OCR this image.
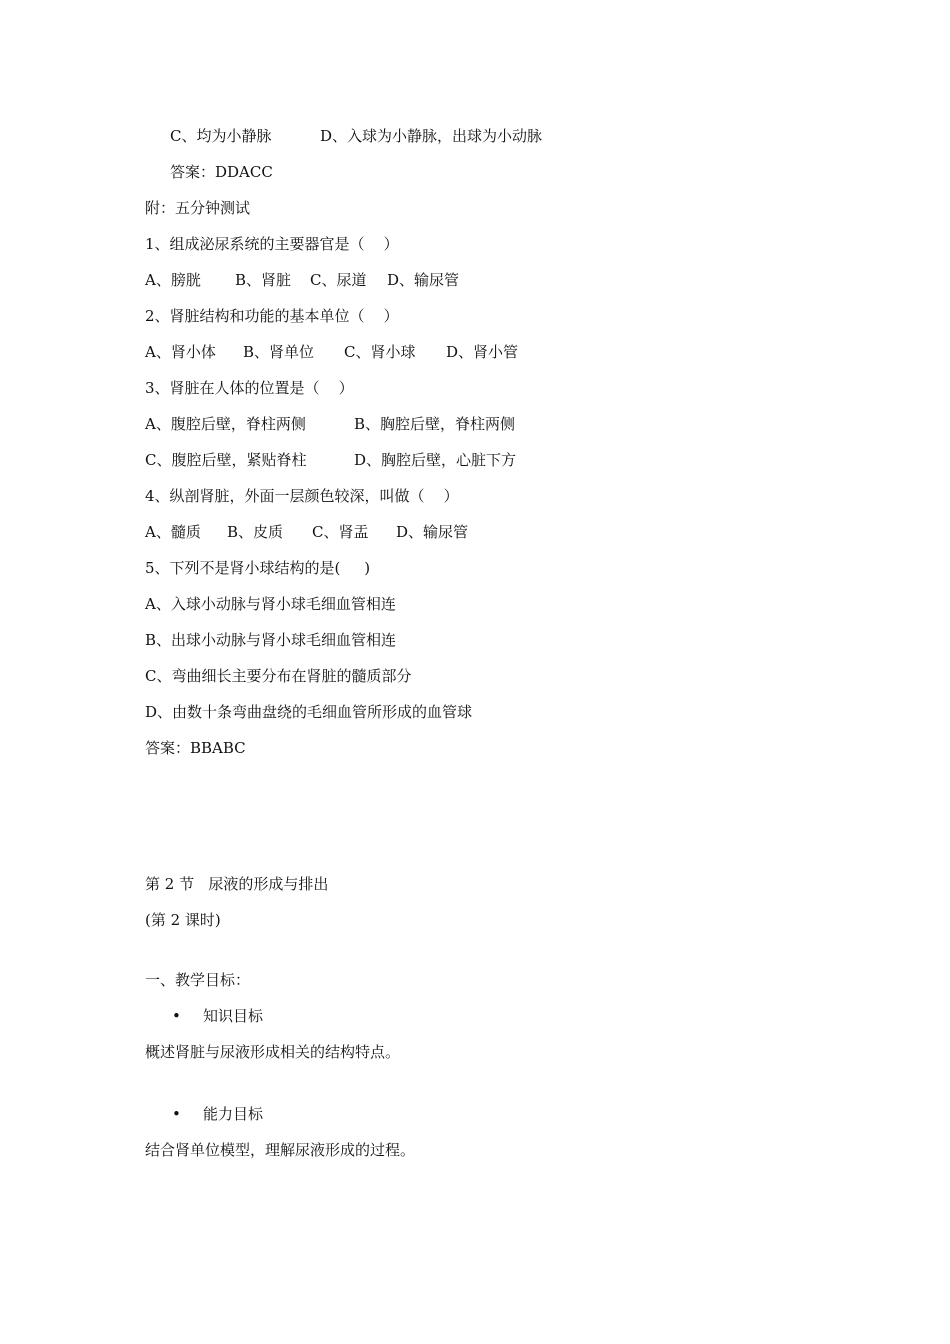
C、均为小静脉	D、入球为小静脉，出球为小动脉
答案：DDACC
附：五分钟测试
1、组成泌尿系统的主要器官是（    ）
A、膀胱 B、肾脏 C、尿道 D、输尿管
2、肾脏结构和功能的基本单位（    ）
A、肾小体 B、肾单位 C、肾小球 D、肾小管
3、肾脏在人体的位置是（    ）
A、腹腔后壁，脊柱两侧	B、胸腔后壁，脊柱两侧
C、腹腔后壁，紧贴脊柱	D、胸腔后壁，心脏下方
4、纵剖肾脏，外面一层颜色较深，叫做（    ）
A、髓质 B、皮质 C、肾盂 D、输尿管
5、下列不是肾小球结构的是(     )
A、入球小动脉与肾小球毛细血管相连
B、出球小动脉与肾小球毛细血管相连
C、弯曲细长主要分布在肾脏的髓质部分
D、由数十条弯曲盘绕的毛细血管所形成的血管球
答案：BBABC
第 2 节   尿液的形成与排出
(第 2 课时)
一、教学目标：
• 知识目标
概述肾脏与尿液形成相关的结构特点。
• 能力目标
结合肾单位模型，理解尿液形成的过程。
